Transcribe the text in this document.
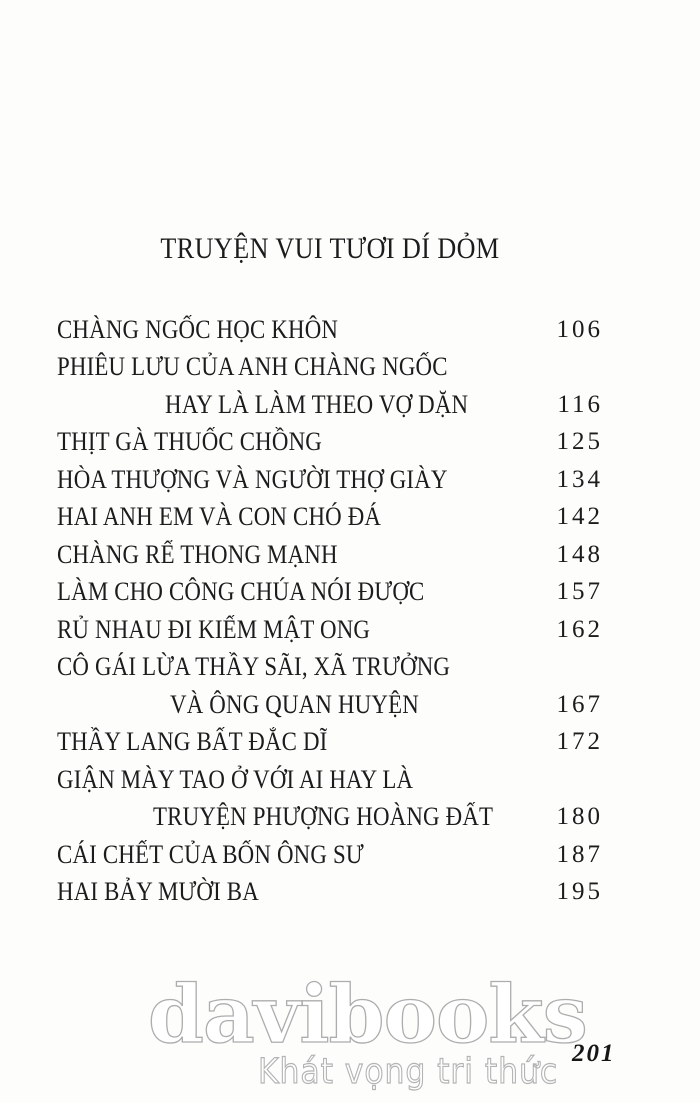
TRUYỆN VUI TƯƠI DÍ DỎM
CHÀNG NGỐC HỌC KHÔN	106
PHIÊU LƯU CỦA ANH CHÀNG NGỐC
HAY LÀ LÀM THEO VỢ DẶN	116
THỊT GÀ THUỐC CHỒNG	125
HÒA THƯỢNG VÀ NGƯỜI THỢ GIÀY	134
HAI ANH EM VÀ CON CHÓ ĐÁ	142
CHÀNG RỂ THONG MẠNH	148
LÀM CHO CÔNG CHÚA NÓI ĐƯỢC	157
RỦ NHAU ĐI KIẾM MẬT ONG	162
CÔ GÁI LỪA THẦY SÃI, XÃ TRƯỞNG
VÀ ÔNG QUAN HUYỆN	167
THẦY LANG BẤT ĐẮC DĨ	172
GIẬN MÀY TAO Ở VỚI AI HAY LÀ
TRUYỆN PHƯỢNG HOÀNG ĐẤT	180
CÁI CHẾT CỦA BỐN ÔNG SƯ	187
HAI BẢY MƯỜI BA	195
davibooks
Khát vọng tri thức 201
